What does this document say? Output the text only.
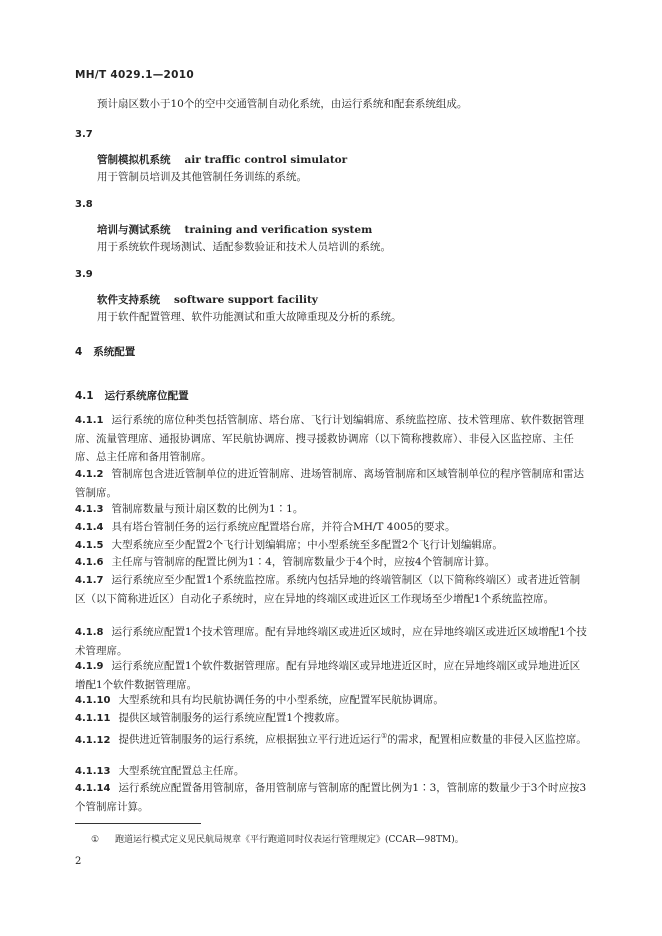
MH/T 4029.1—2010
预计扇区数小于10个的空中交通管制自动化系统，由运行系统和配套系统组成。
3.7
管制模拟机系统 air traffic control simulator
用于管制员培训及其他管制任务训练的系统。
3.8
培训与测试系统 training and verification system
用于系统软件现场测试、适配参数验证和技术人员培训的系统。
3.9
软件支持系统 software support facility
用于软件配置管理、软件功能测试和重大故障重现及分析的系统。
4 系统配置
4.1 运行系统席位配置
4.1.1 运行系统的席位种类包括管制席、塔台席、飞行计划编辑席、系统监控席、技术管理席、软件数据管理席、流量管理席、通报协调席、军民航协调席、搜寻援救协调席（以下简称搜救席）、非侵入区监控席、主任席、总主任席和备用管制席。
4.1.2 管制席包含进近管制单位的进近管制席、进场管制席、离场管制席和区域管制单位的程序管制席和雷达管制席。
4.1.3 管制席数量与预计扇区数的比例为1∶1。
4.1.4 具有塔台管制任务的运行系统应配置塔台席，并符合MH/T 4005的要求。
4.1.5 大型系统应至少配置2个飞行计划编辑席；中小型系统至多配置2个飞行计划编辑席。
4.1.6 主任席与管制席的配置比例为1∶4，管制席数量少于4个时，应按4个管制席计算。
4.1.7 运行系统应至少配置1个系统监控席。系统内包括异地的终端管制区（以下简称终端区）或者进近管制区（以下简称进近区）自动化子系统时，应在异地的终端区或进近区工作现场至少增配1个系统监控席。
4.1.8 运行系统应配置1个技术管理席。配有异地终端区或进近区域时，应在异地终端区或进近区域增配1个技术管理席。
4.1.9 运行系统应配置1个软件数据管理席。配有异地终端区或异地进近区时，应在异地终端区或异地进近区增配1个软件数据管理席。
4.1.10 大型系统和具有均民航协调任务的中小型系统，应配置军民航协调席。
4.1.11 提供区域管制服务的运行系统应配置1个搜救席。
4.1.12 提供进近管制服务的运行系统，应根据独立平行进近运行①的需求，配置相应数量的非侵入区监控席。
4.1.13 大型系统宜配置总主任席。
4.1.14 运行系统应配置备用管制席，备用管制席与管制席的配置比例为1∶3，管制席的数量少于3个时应按3个管制席计算。
① 跑道运行模式定义见民航局规章《平行跑道同时仪表运行管理规定》(CCAR—98TM)。
2
